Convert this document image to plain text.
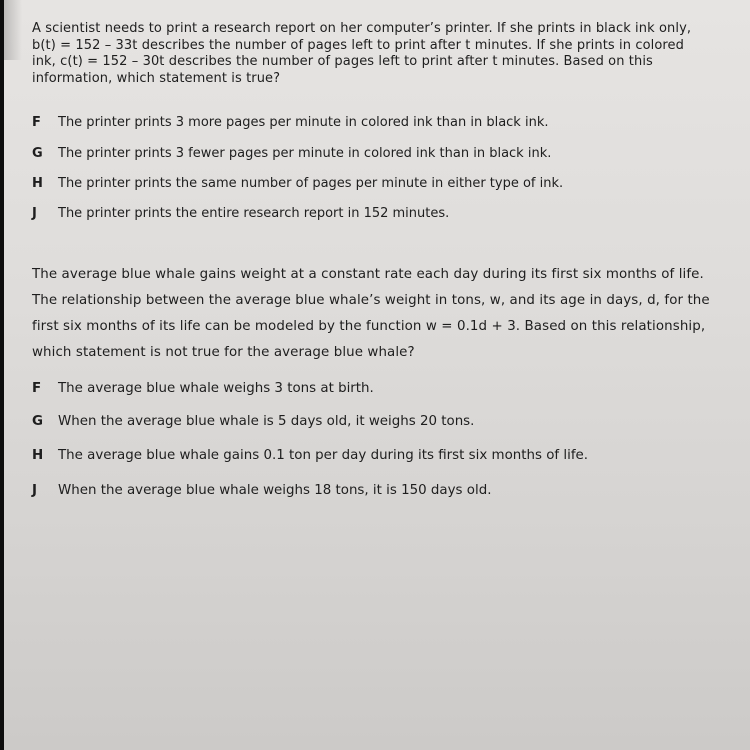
A scientist needs to print a research report on her computer’s printer. If she prints in black ink only, b(t) = 152 – 33t describes the number of pages left to print after t minutes. If she prints in colored ink, c(t) = 152 – 30t describes the number of pages left to print after t minutes. Based on this information, which statement is true?

F The printer prints 3 more pages per minute in colored ink than in black ink.
G The printer prints 3 fewer pages per minute in colored ink than in black ink.
H The printer prints the same number of pages per minute in either type of ink.
J The printer prints the entire research report in 152 minutes.

The average blue whale gains weight at a constant rate each day during its first six months of life. The relationship between the average blue whale’s weight in tons, w, and its age in days, d, for the first six months of its life can be modeled by the function w = 0.1d + 3. Based on this relationship, which statement is not true for the average blue whale?

F The average blue whale weighs 3 tons at birth.
G When the average blue whale is 5 days old, it weighs 20 tons.
H The average blue whale gains 0.1 ton per day during its first six months of life.
J When the average blue whale weighs 18 tons, it is 150 days old.
